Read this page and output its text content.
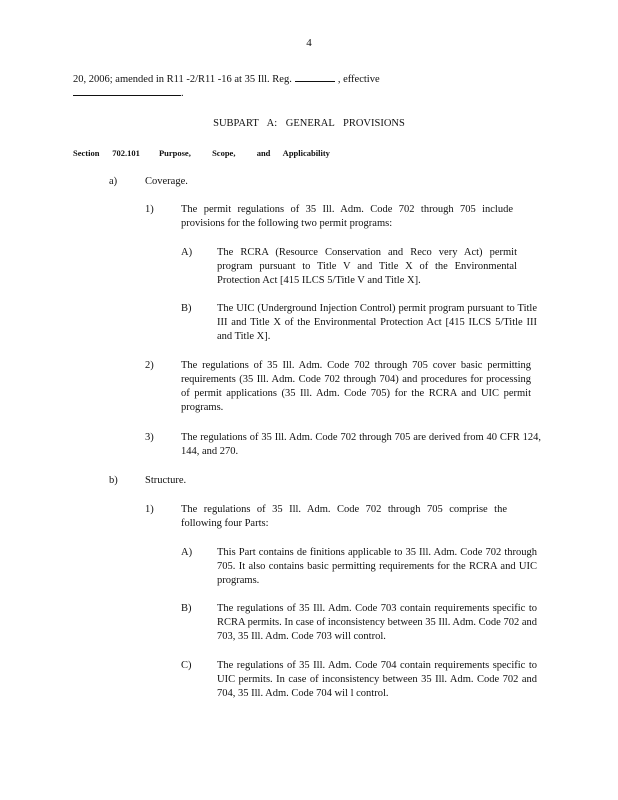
4
20, 2006; amended in R11 -2/R11 -16 at 35 Ill. Reg.	, effective
.
SUBPART A: GENERAL PROVISIONS
Section      702.101         Purpose,          Scope,          and      Applicability
a)	Coverage.
1)	The permit regulations of 35 Ill. Adm. Code 702 through 705 include provisions for the following two permit programs:
A) The RCRA (Resource Conservation and Reco very Act) permit program pursuant to Title V and Title X of the Environmental Protection Act [415 ILCS 5/Title V and Title X].
B) The UIC (Underground Injection Control) permit program pursuant to Title III and Title X of the Environmental Protection Act [415 ILCS 5/Title III and Title X].
2)	The regulations of 35 Ill. Adm. Code 702 through 705 cover basic permitting requirements (35 Ill. Adm. Code 702 through 704) and procedures for processing of permit applications (35 Ill. Adm. Code 705) for the RCRA and UIC permit programs.
3)	The regulations of 35 Ill. Adm. Code 702 through 705 are derived from 40 CFR 124, 144, and 270.
b)	Structure.
1)	The regulations of 35 Ill. Adm. Code 702 through 705 comprise the following four Parts:
A) This Part contains de finitions applicable to 35 Ill. Adm. Code 702 through 705. It also contains basic permitting requirements for the RCRA and UIC programs.
B) The regulations of 35 Ill. Adm. Code 703 contain requirements specific to RCRA permits. In case of inconsistency between 35 Ill. Adm. Code 702 and 703, 35 Ill. Adm. Code 703 will control.
C) The regulations of 35 Ill. Adm. Code 704 contain requirements specific to UIC permits. In case of inconsistency between 35 Ill. Adm. Code 702 and 704, 35 Ill. Adm. Code 704 wil l control.
